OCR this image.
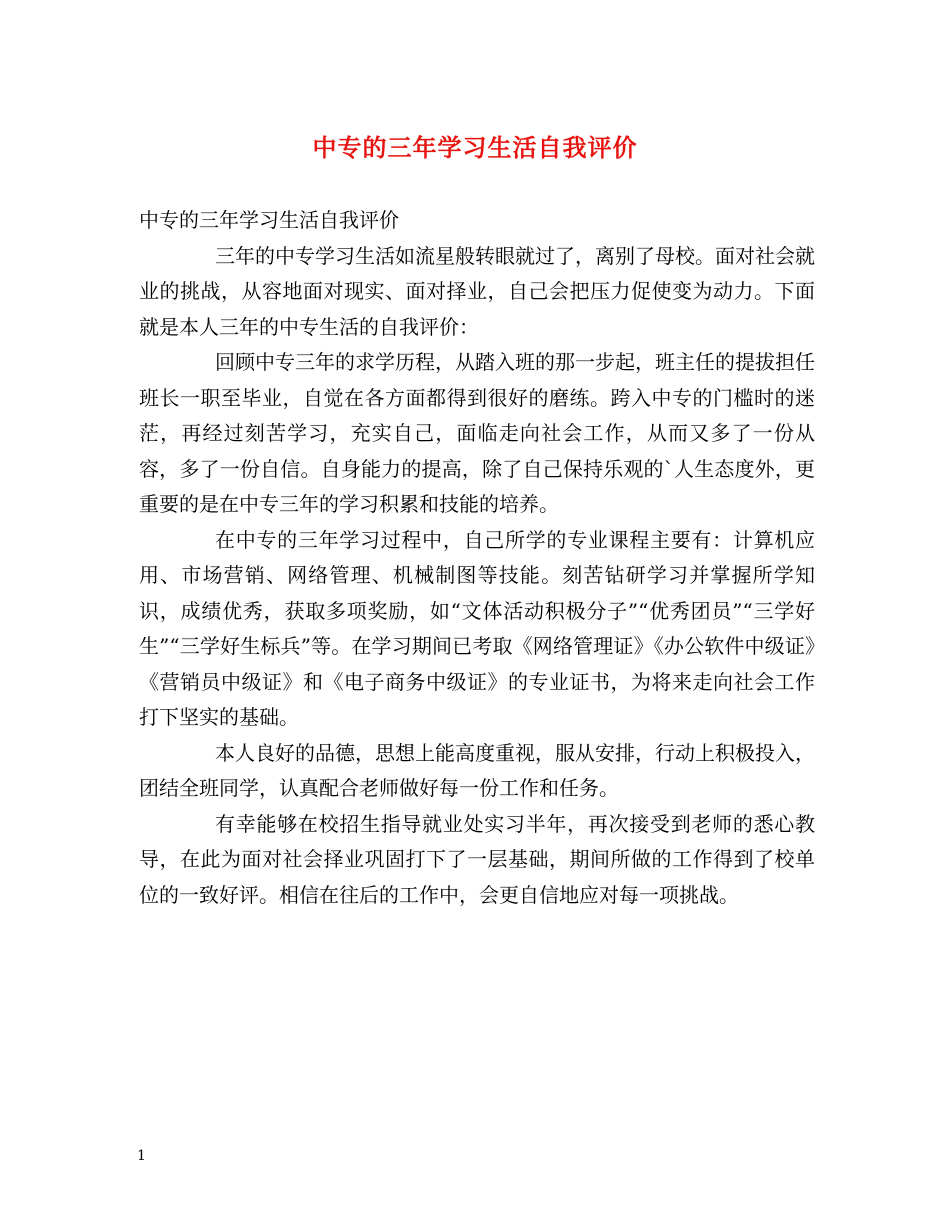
中专的三年学习生活自我评价

中专的三年学习生活自我评价

三年的中专学习生活如流星般转眼就过了，离别了母校。面对社会就业的挑战，从容地面对现实、面对择业，自己会把压力促使变为动力。下面就是本人三年的中专生活的自我评价：

回顾中专三年的求学历程，从踏入班的那一步起，班主任的提拔担任班长一职至毕业，自觉在各方面都得到很好的磨练。跨入中专的门槛时的迷茫，再经过刻苦学习，充实自己，面临走向社会工作，从而又多了一份从容，多了一份自信。自身能力的提高，除了自己保持乐观的`人生态度外，更重要的是在中专三年的学习积累和技能的培养。

在中专的三年学习过程中，自己所学的专业课程主要有：计算机应用、市场营销、网络管理、机械制图等技能。刻苦钻研学习并掌握所学知识，成绩优秀，获取多项奖励，如“文体活动积极分子”“优秀团员”“三学好生”“三学好生标兵”等。在学习期间已考取《网络管理证》《办公软件中级证》《营销员中级证》和《电子商务中级证》的专业证书，为将来走向社会工作打下坚实的基础。

本人良好的品德，思想上能高度重视，服从安排，行动上积极投入，团结全班同学，认真配合老师做好每一份工作和任务。

有幸能够在校招生指导就业处实习半年，再次接受到老师的悉心教导，在此为面对社会择业巩固打下了一层基础，期间所做的工作得到了校单位的一致好评。相信在往后的工作中，会更自信地应对每一项挑战。

1
